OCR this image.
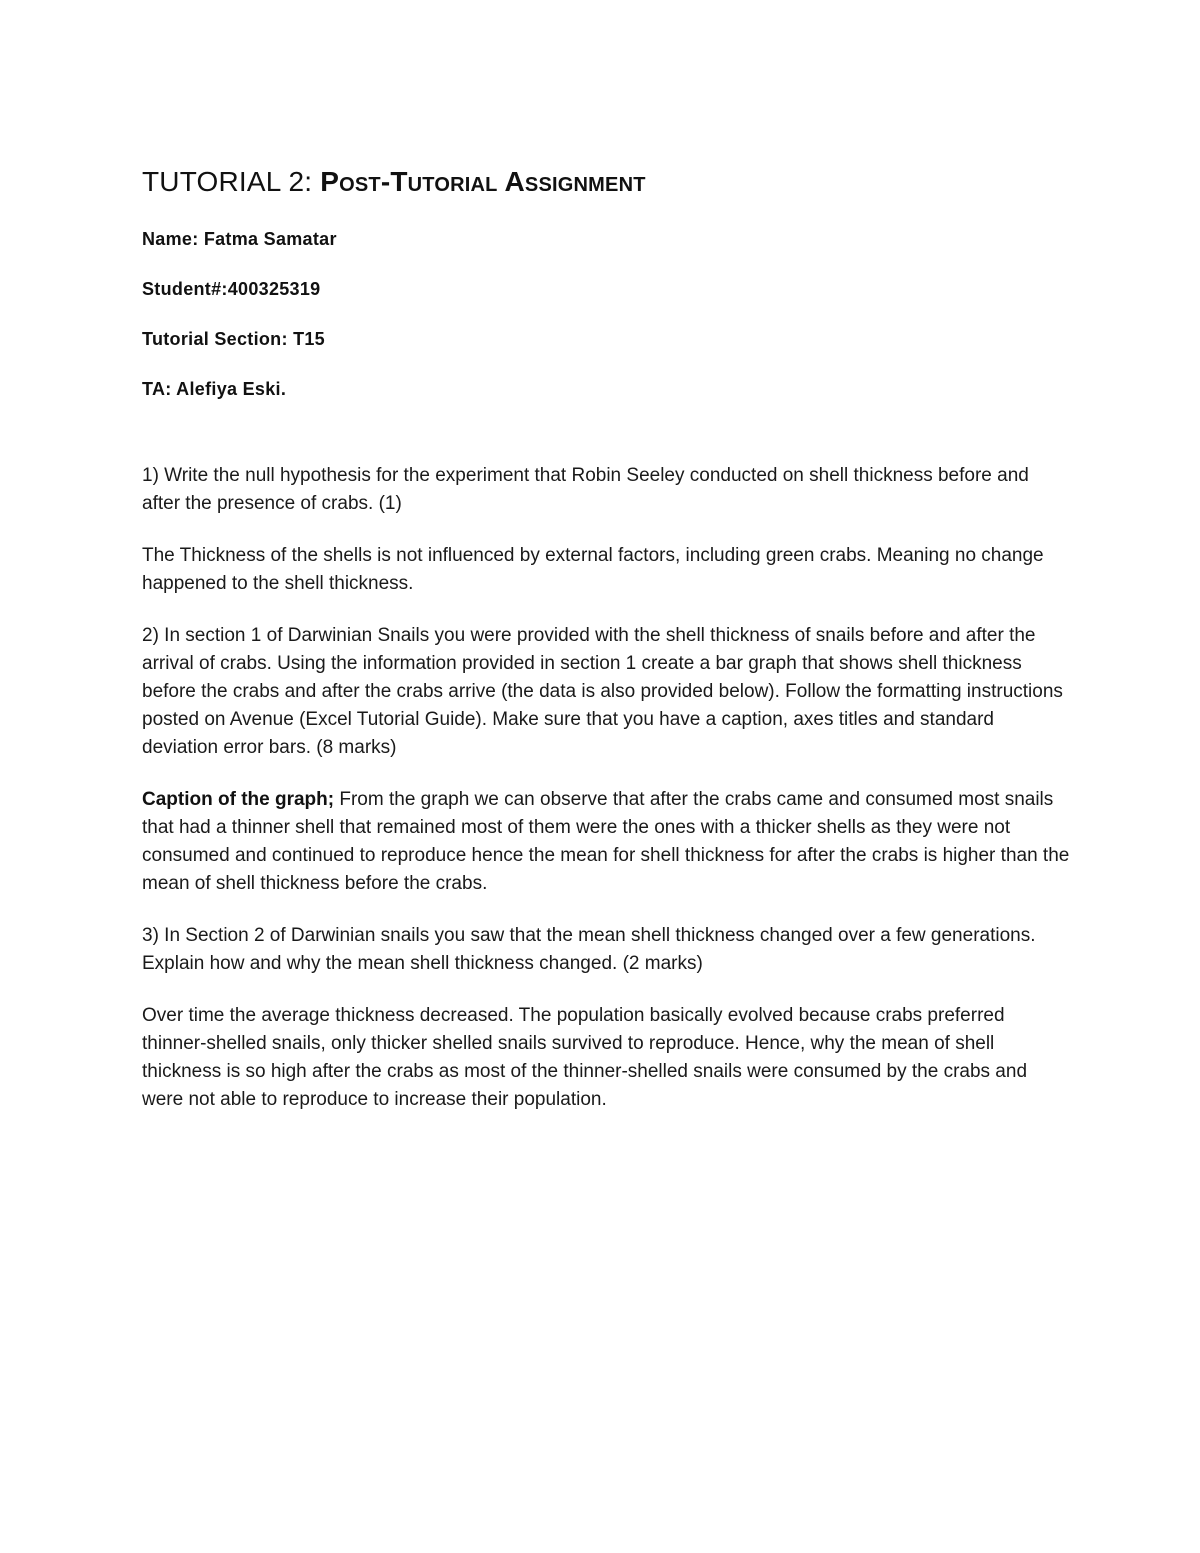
TUTORIAL 2: Post-Tutorial Assignment

Name: Fatma Samatar

Student#:400325319

Tutorial Section: T15

TA: Alefiya Eski.

1) Write the null hypothesis for the experiment that Robin Seeley conducted on shell thickness before and after the presence of crabs. (1)

The Thickness of the shells is not influenced by external factors, including green crabs. Meaning no change happened to the shell thickness.

2) In section 1 of Darwinian Snails you were provided with the shell thickness of snails before and after the arrival of crabs. Using the information provided in section 1 create a bar graph that shows shell thickness before the crabs and after the crabs arrive (the data is also provided below). Follow the formatting instructions posted on Avenue (Excel Tutorial Guide). Make sure that you have a caption, axes titles and standard deviation error bars. (8 marks)

Caption of the graph; From the graph we can observe that after the crabs came and consumed most snails that had a thinner shell that remained most of them were the ones with a thicker shells as they were not consumed and continued to reproduce hence the mean for shell thickness for after the crabs is higher than the mean of shell thickness before the crabs.

3) In Section 2 of Darwinian snails you saw that the mean shell thickness changed over a few generations. Explain how and why the mean shell thickness changed. (2 marks)

Over time the average thickness decreased. The population basically evolved because crabs preferred thinner-shelled snails, only thicker shelled snails survived to reproduce. Hence, why the mean of shell thickness is so high after the crabs as most of the thinner-shelled snails were consumed by the crabs and were not able to reproduce to increase their population.
